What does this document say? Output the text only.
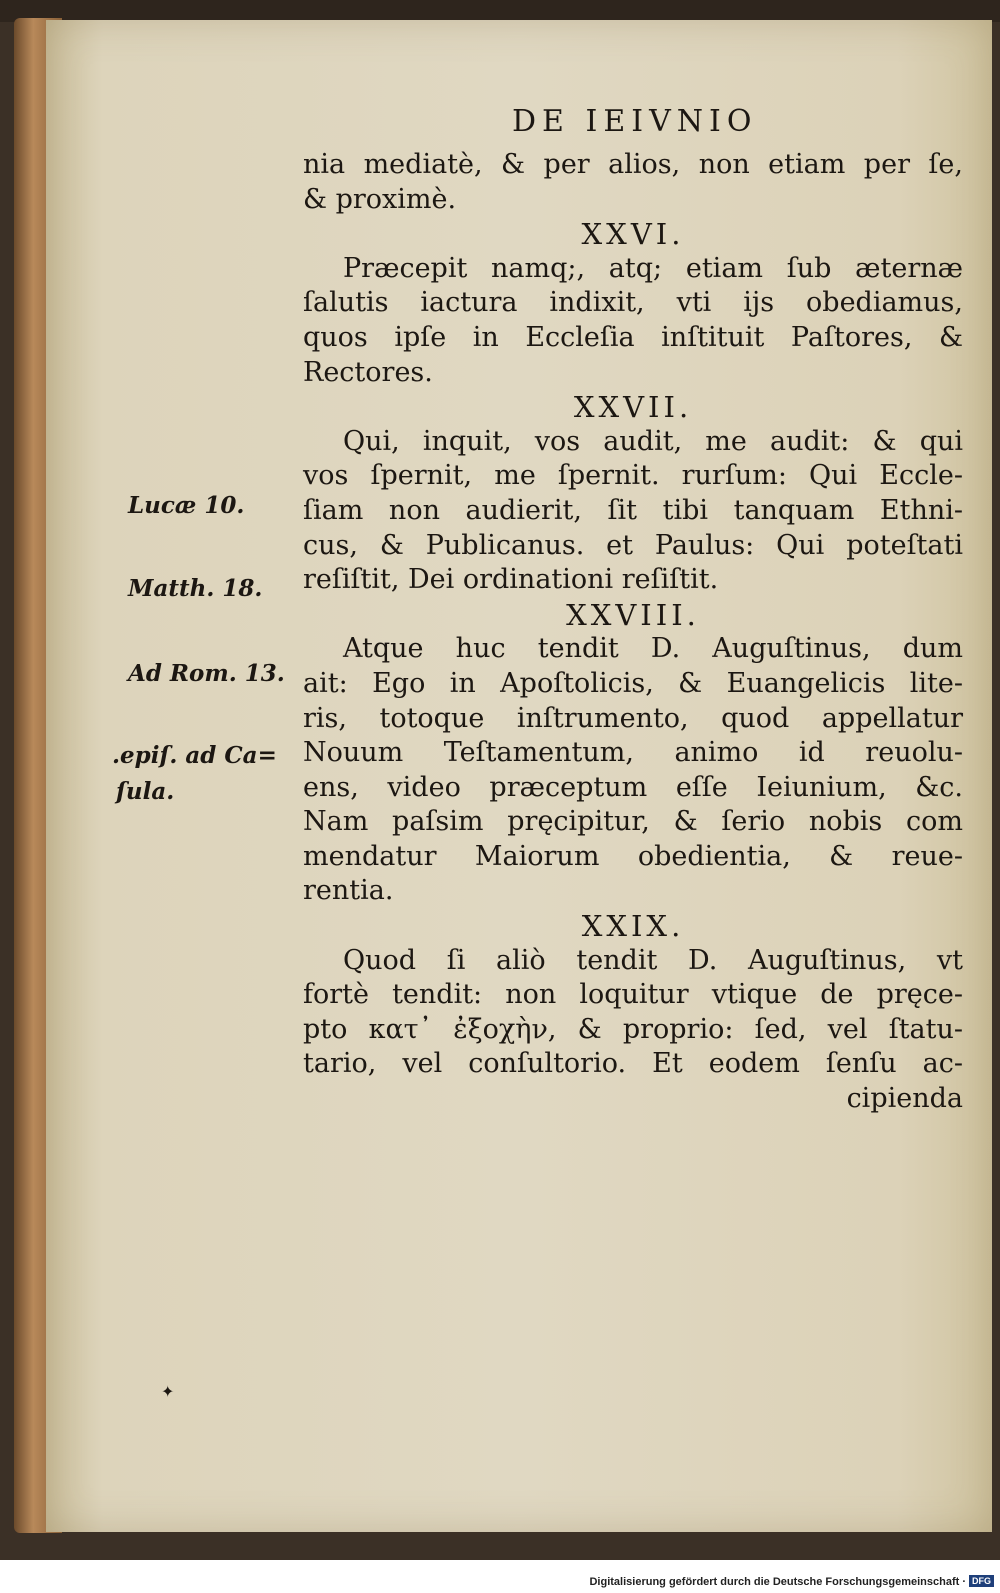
DE IEIVNIO
nia mediatè, & per alios, non etiam per ſe,
& proximè.
XXVI.
Præcepit namq;, atq; etiam ſub æternæ
ſalutis iactura indixit, vti ijs obediamus,
quos ipſe in Eccleſia inſtituit Paſtores, &
Rectores.
XXVII.
Qui, inquit, vos audit, me audit: & qui
vos ſpernit, me ſpernit. rurſum: Qui Eccle-
ſiam non audierit, ſit tibi tanquam Ethni-
cus, & Publicanus. et Paulus: Qui poteſtati
reſiſtit, Dei ordinationi reſiſtit.
XXVIII.
Atque huc tendit D. Auguſtinus, dum
ait: Ego in Apoſtolicis, & Euangelicis lite-
ris, totoque inſtrumento, quod appellatur
Nouum Teſtamentum, animo id reuolu-
ens, video præceptum eſſe Ieiunium, &c.
Nam paſsim pręcipitur, & ſerio nobis com
mendatur Maiorum obedientia, & reue-
rentia.
XXIX.
Quod ſi aliò tendit D. Auguſtinus, vt
fortè tendit: non loquitur vtique de pręce-
pto κατ᾽ ἐξοχὴν, & proprio: ſed, vel ſtatu-
tario, vel conſultorio. Et eodem ſenſu ac-
cipienda
Lucæ 10.
Matth. 18.
Ad Rom. 13.
.epiſ. ad Ca=
ſula.
✦
Digitalisierung gefördert durch die Deutsche Forschungsgemeinschaft · DFG
